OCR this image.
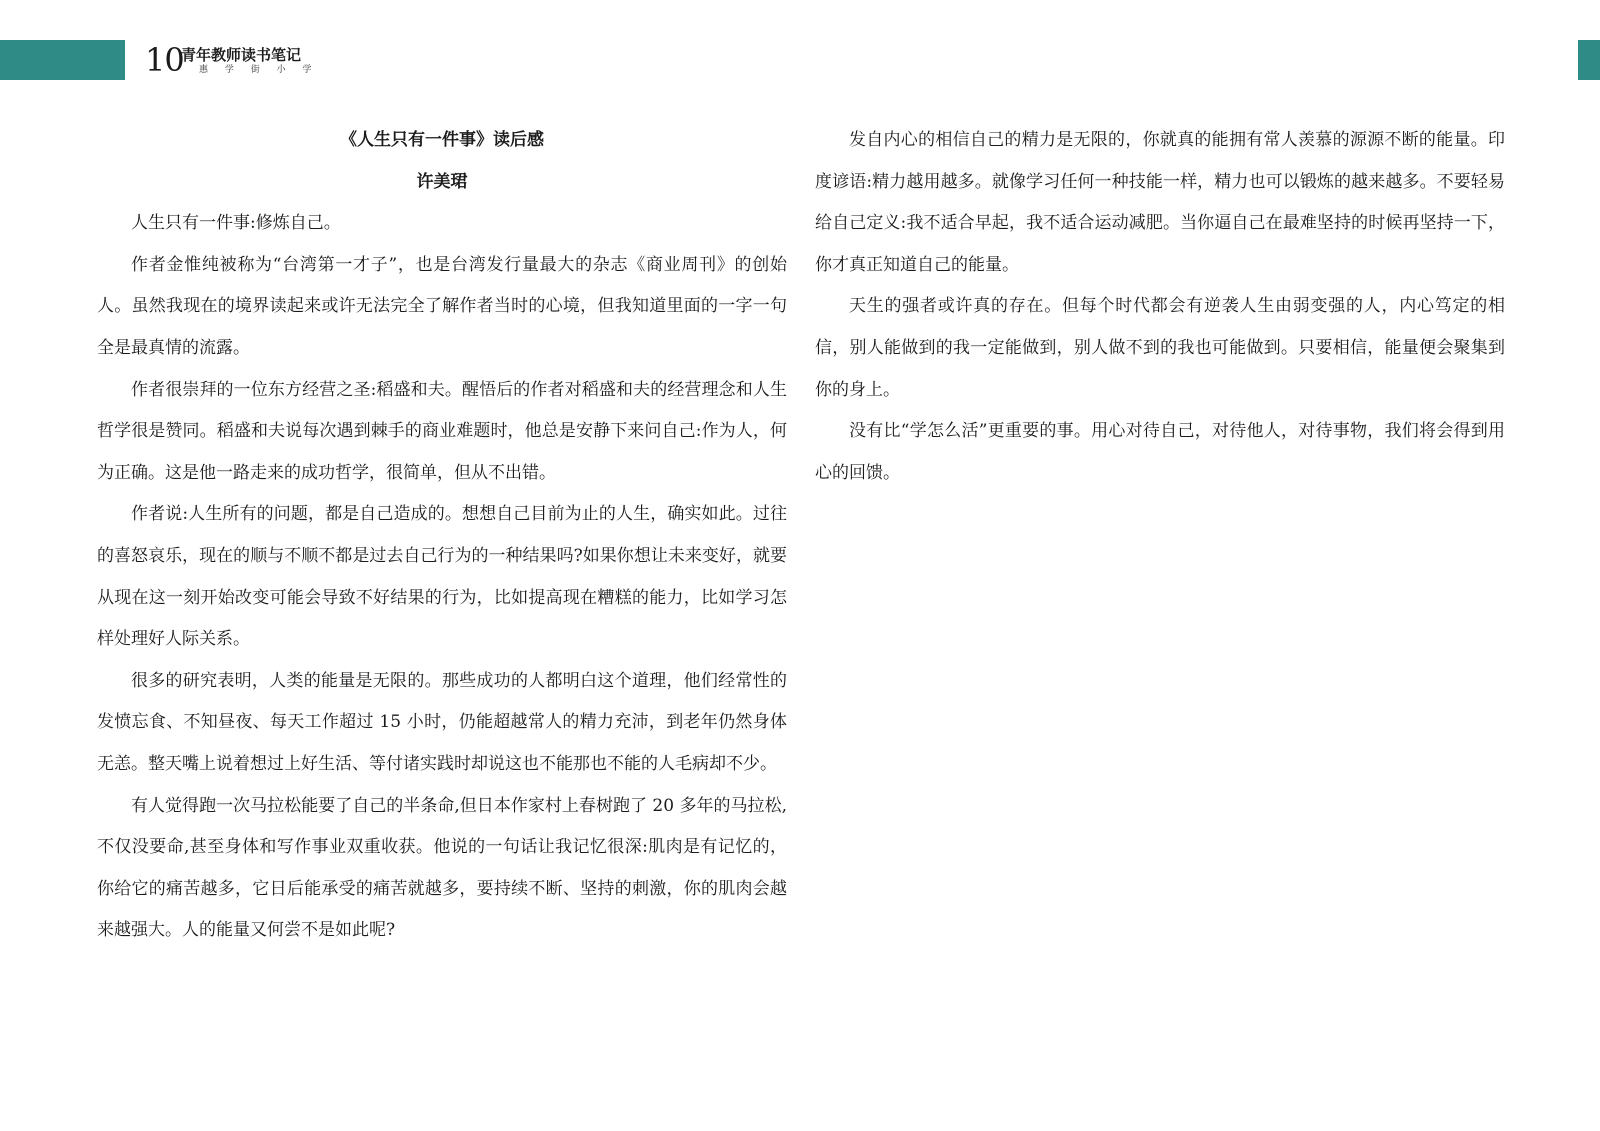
10
青年教师读书笔记
惠 学 街 小 学
《人生只有一件事》读后感
许美珺

人生只有一件事:修炼自己。

作者金惟纯被称为“台湾第一才子”，也是台湾发行量最大的杂志《商业周刊》的创始人。虽然我现在的境界读起来或许无法完全了解作者当时的心境，但我知道里面的一字一句全是最真情的流露。

作者很崇拜的一位东方经营之圣:稻盛和夫。醒悟后的作者对稻盛和夫的经营理念和人生哲学很是赞同。稻盛和夫说每次遇到棘手的商业难题时，他总是安静下来问自己:作为人，何为正确。这是他一路走来的成功哲学，很简单，但从不出错。

作者说:人生所有的问题，都是自己造成的。想想自己目前为止的人生，确实如此。过往的喜怒哀乐，现在的顺与不顺不都是过去自己行为的一种结果吗?如果你想让未来变好，就要从现在这一刻开始改变可能会导致不好结果的行为，比如提高现在糟糕的能力，比如学习怎样处理好人际关系。

很多的研究表明，人类的能量是无限的。那些成功的人都明白这个道理，他们经常性的发愤忘食、不知昼夜、每天工作超过 15 小时，仍能超越常人的精力充沛，到老年仍然身体无恙。整天嘴上说着想过上好生活、等付诸实践时却说这也不能那也不能的人毛病却不少。

有人觉得跑一次马拉松能要了自己的半条命,但日本作家村上春树跑了 20 多年的马拉松,不仅没要命,甚至身体和写作事业双重收获。他说的一句话让我记忆很深:肌肉是有记忆的，你给它的痛苦越多，它日后能承受的痛苦就越多，要持续不断、坚持的刺激，你的肌肉会越来越强大。人的能量又何尝不是如此呢?

发自内心的相信自己的精力是无限的，你就真的能拥有常人羡慕的源源不断的能量。印度谚语:精力越用越多。就像学习任何一种技能一样，精力也可以锻炼的越来越多。不要轻易给自己定义:我不适合早起，我不适合运动减肥。当你逼自己在最难坚持的时候再坚持一下，你才真正知道自己的能量。

天生的强者或许真的存在。但每个时代都会有逆袭人生由弱变强的人，内心笃定的相信，别人能做到的我一定能做到，别人做不到的我也可能做到。只要相信，能量便会聚集到你的身上。

没有比“学怎么活”更重要的事。用心对待自己，对待他人，对待事物，我们将会得到用心的回馈。
